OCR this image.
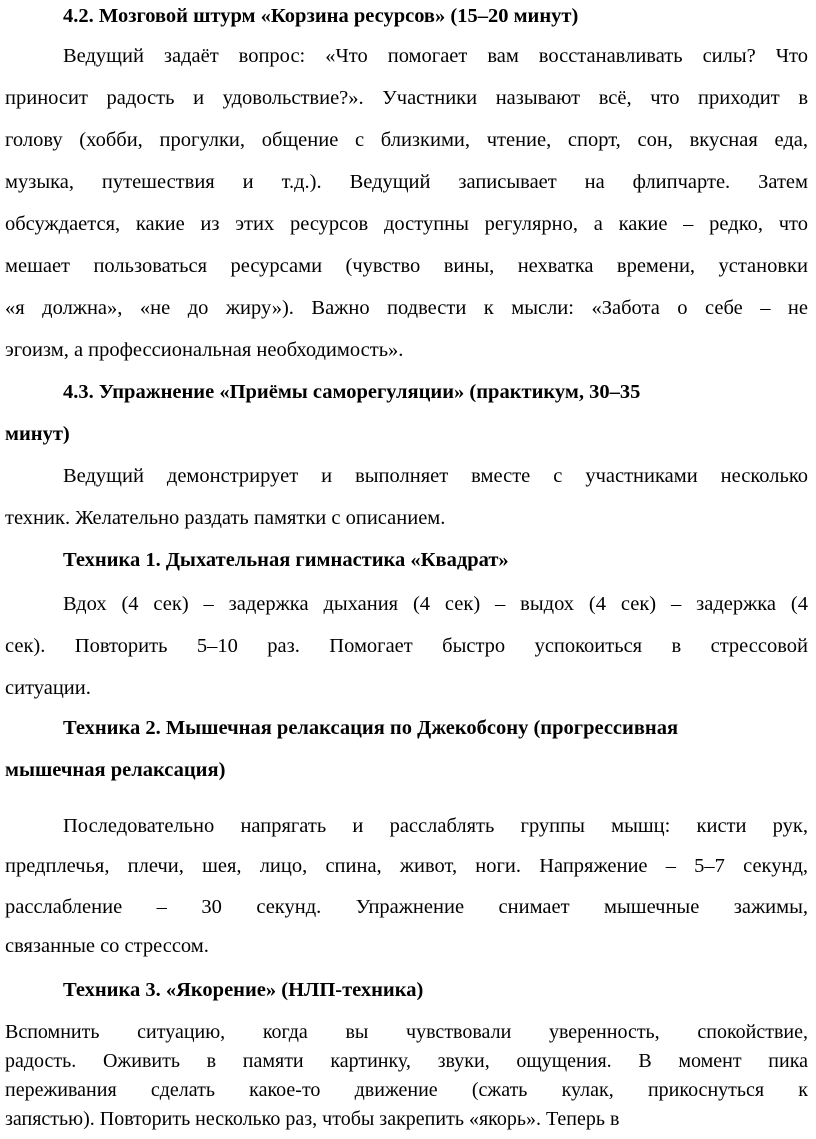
4.2. Мозговой штурм «Корзина ресурсов» (15–20 минут)

Ведущий задаёт вопрос: «Что помогает вам восстанавливать силы? Что

приносит радость и удовольствие?». Участники называют всё, что приходит в

голову (хобби, прогулки, общение с близкими, чтение, спорт, сон, вкусная еда,

музыка, путешествия и т.д.). Ведущий записывает на флипчарте. Затем

обсуждается, какие из этих ресурсов доступны регулярно, а какие – редко, что

мешает пользоваться ресурсами (чувство вины, нехватка времени, установки

«я должна», «не до жиру»). Важно подвести к мысли: «Забота о себе – не

эгоизм, а профессиональная необходимость».

4.3. Упражнение «Приёмы саморегуляции» (практикум, 30–35

минут)

Ведущий демонстрирует и выполняет вместе с участниками несколько

техник. Желательно раздать памятки с описанием.

Техника 1. Дыхательная гимнастика «Квадрат»

Вдох (4 сек) – задержка дыхания (4 сек) – выдох (4 сек) – задержка (4

сек). Повторить 5–10 раз. Помогает быстро успокоиться в стрессовой

ситуации.

Техника 2. Мышечная релаксация по Джекобсону (прогрессивная

мышечная релаксация)

Последовательно напрягать и расслаблять группы мышц: кисти рук,

предплечья, плечи, шея, лицо, спина, живот, ноги. Напряжение – 5–7 секунд,

расслабление – 30 секунд. Упражнение снимает мышечные зажимы,

связанные со стрессом.

Техника 3. «Якорение» (НЛП-техника)

Вспомнить ситуацию, когда вы чувствовали уверенность, спокойствие,

радость. Оживить в памяти картинку, звуки, ощущения. В момент пика

переживания сделать какое-то движение (сжать кулак, прикоснуться к

запястью). Повторить несколько раз, чтобы закрепить «якорь». Теперь в
